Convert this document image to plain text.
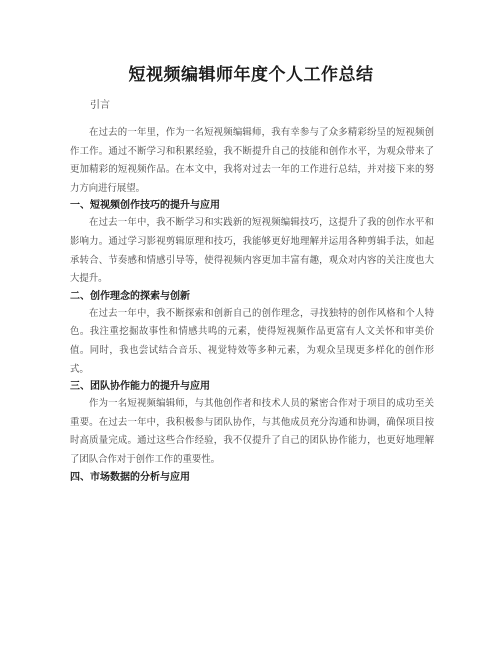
短视频编辑师年度个人工作总结
引言

在过去的一年里，作为一名短视频编辑师，我有幸参与了众多精彩纷呈的短视频创作工作。通过不断学习和积累经验，我不断提升自己的技能和创作水平，为观众带来了更加精彩的短视频作品。在本文中，我将对过去一年的工作进行总结，并对接下来的努力方向进行展望。

一、短视频创作技巧的提升与应用

在过去一年中，我不断学习和实践新的短视频编辑技巧，这提升了我的创作水平和影响力。通过学习影视剪辑原理和技巧，我能够更好地理解并运用各种剪辑手法，如起承转合、节奏感和情感引导等，使得视频内容更加丰富有趣，观众对内容的关注度也大大提升。

二、创作理念的探索与创新

在过去一年中，我不断探索和创新自己的创作理念，寻找独特的创作风格和个人特色。我注重挖掘故事性和情感共鸣的元素，使得短视频作品更富有人文关怀和审美价值。同时，我也尝试结合音乐、视觉特效等多种元素，为观众呈现更多样化的创作形式。

三、团队协作能力的提升与应用

作为一名短视频编辑师，与其他创作者和技术人员的紧密合作对于项目的成功至关重要。在过去一年中，我积极参与团队协作，与其他成员充分沟通和协调，确保项目按时高质量完成。通过这些合作经验，我不仅提升了自己的团队协作能力，也更好地理解了团队合作对于创作工作的重要性。

四、市场数据的分析与应用
